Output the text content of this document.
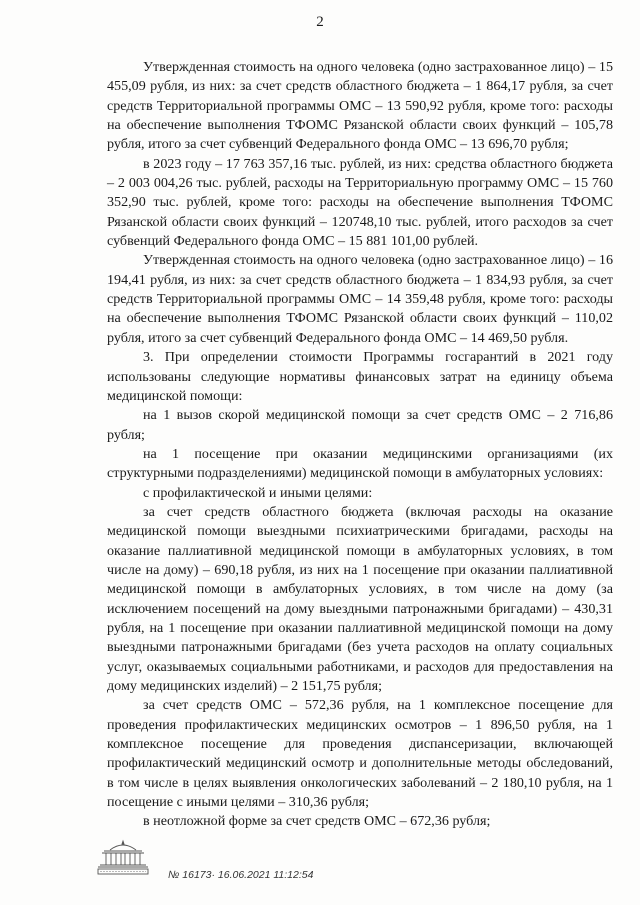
2

Утвержденная стоимость на одного человека (одно застрахованное лицо) – 15 455,09 рубля, из них: за счет средств областного бюджета – 1 864,17 рубля, за счет средств Территориальной программы ОМС – 13 590,92 рубля, кроме того: расходы на обеспечение выполнения ТФОМС Рязанской области своих функций – 105,78 рубля, итого за счет субвенций Федерального фонда ОМС – 13 696,70 рубля;

в 2023 году – 17 763 357,16 тыс. рублей, из них: средства областного бюджета – 2 003 004,26 тыс. рублей, расходы на Территориальную программу ОМС – 15 760 352,90 тыс. рублей, кроме того: расходы на обеспечение выполнения ТФОМС Рязанской области своих функций – 120748,10 тыс. рублей, итого расходов за счет субвенций Федерального фонда ОМС – 15 881 101,00 рублей.

Утвержденная стоимость на одного человека (одно застрахованное лицо) – 16 194,41 рубля, из них: за счет средств областного бюджета – 1 834,93 рубля, за счет средств Территориальной программы ОМС – 14 359,48 рубля, кроме того: расходы на обеспечение выполнения ТФОМС Рязанской области своих функций – 110,02 рубля, итого за счет субвенций Федерального фонда ОМС – 14 469,50 рубля.

3. При определении стоимости Программы госгарантий в 2021 году использованы следующие нормативы финансовых затрат на единицу объема медицинской помощи:

на 1 вызов скорой медицинской помощи за счет средств ОМС – 2 716,86 рубля;

на 1 посещение при оказании медицинскими организациями (их структурными подразделениями) медицинской помощи в амбулаторных условиях:

с профилактической и иными целями:

за счет средств областного бюджета (включая расходы на оказание медицинской помощи выездными психиатрическими бригадами, расходы на оказание паллиативной медицинской помощи в амбулаторных условиях, в том числе на дому) – 690,18 рубля, из них на 1 посещение при оказании паллиативной медицинской помощи в амбулаторных условиях, в том числе на дому (за исключением посещений на дому выездными патронажными бригадами) – 430,31 рубля, на 1 посещение при оказании паллиативной медицинской помощи на дому выездными патронажными бригадами (без учета расходов на оплату социальных услуг, оказываемых социальными работниками, и расходов для предоставления на дому медицинских изделий) – 2 151,75 рубля;

за счет средств ОМС – 572,36 рубля, на 1 комплексное посещение для проведения профилактических медицинских осмотров – 1 896,50 рубля, на 1 комплексное посещение для проведения диспансеризации, включающей профилактический медицинский осмотр и дополнительные методы обследований, в том числе в целях выявления онкологических заболеваний – 2 180,10 рубля, на 1 посещение с иными целями – 310,36 рубля;

в неотложной форме за счет средств ОМС – 672,36 рубля;

№ 16173· 16.06.2021 11:12:54
